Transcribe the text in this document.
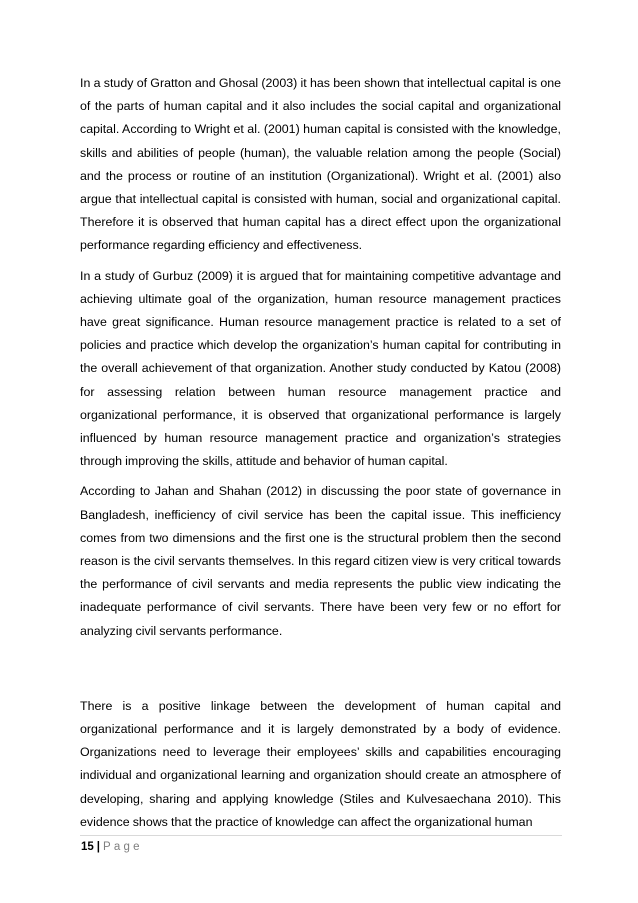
In a study of Gratton and Ghosal (2003) it has been shown that intellectual capital is one of the parts of human capital and it also includes the social capital and organizational capital. According to Wright et al. (2001) human capital is consisted with the knowledge, skills and abilities of people (human), the valuable relation among the people (Social) and the process or routine of an institution (Organizational). Wright et al. (2001) also argue that intellectual capital is consisted with human, social and organizational capital. Therefore it is observed that human capital has a direct effect upon the organizational performance regarding efficiency and effectiveness.

In a study of Gurbuz (2009) it is argued that for maintaining competitive advantage and achieving ultimate goal of the organization, human resource management practices have great significance. Human resource management practice is related to a set of policies and practice which develop the organization’s human capital for contributing in the overall achievement of that organization. Another study conducted by Katou (2008) for assessing relation between human resource management practice and organizational performance, it is observed that organizational performance is largely influenced by human resource management practice and organization’s strategies through improving the skills, attitude and behavior of human capital.

According to Jahan and Shahan (2012) in discussing the poor state of governance in Bangladesh, inefficiency of civil service has been the capital issue. This inefficiency comes from two dimensions and the first one is the structural problem then the second reason is the civil servants themselves. In this regard citizen view is very critical towards the performance of civil servants and media represents the public view indicating the inadequate performance of civil servants. There have been very few or no effort for analyzing civil servants performance.

There is a positive linkage between the development of human capital and organizational performance and it is largely demonstrated by a body of evidence. Organizations need to leverage their employees’ skills and capabilities encouraging individual and organizational learning and organization should create an atmosphere of developing, sharing and applying knowledge (Stiles and Kulvesaechana 2010). This evidence shows that the practice of knowledge can affect the organizational human

15 | Page
